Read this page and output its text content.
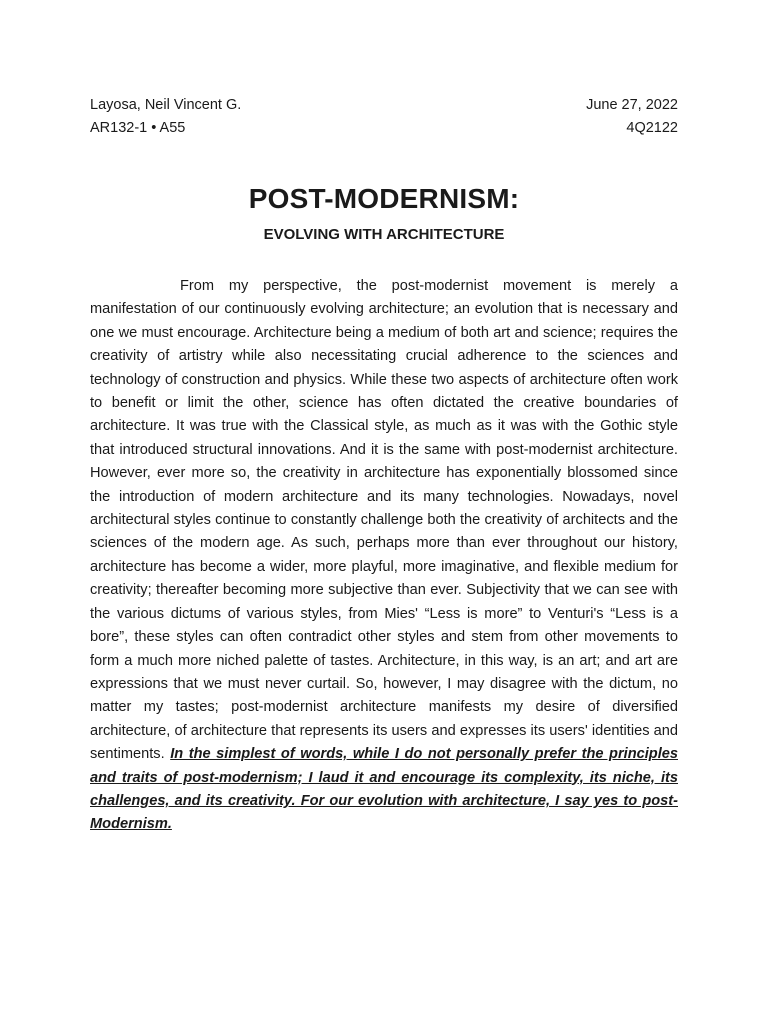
Layosa, Neil Vincent G.
AR132-1 • A55
June 27, 2022
4Q2122
POST-MODERNISM:
EVOLVING WITH ARCHITECTURE

From my perspective, the post-modernist movement is merely a manifestation of our continuously evolving architecture; an evolution that is necessary and one we must encourage. Architecture being a medium of both art and science; requires the creativity of artistry while also necessitating crucial adherence to the sciences and technology of construction and physics. While these two aspects of architecture often work to benefit or limit the other, science has often dictated the creative boundaries of architecture. It was true with the Classical style, as much as it was with the Gothic style that introduced structural innovations. And it is the same with post-modernist architecture. However, ever more so, the creativity in architecture has exponentially blossomed since the introduction of modern architecture and its many technologies. Nowadays, novel architectural styles continue to constantly challenge both the creativity of architects and the sciences of the modern age. As such, perhaps more than ever throughout our history, architecture has become a wider, more playful, more imaginative, and flexible medium for creativity; thereafter becoming more subjective than ever. Subjectivity that we can see with the various dictums of various styles, from Mies' “Less is more” to Venturi's “Less is a bore”, these styles can often contradict other styles and stem from other movements to form a much more niched palette of tastes. Architecture, in this way, is an art; and art are expressions that we must never curtail. So, however, I may disagree with the dictum, no matter my tastes; post-modernist architecture manifests my desire of diversified architecture, of architecture that represents its users and expresses its users' identities and sentiments. In the simplest of words, while I do not personally prefer the principles and traits of post-modernism; I laud it and encourage its complexity, its niche, its challenges, and its creativity. For our evolution with architecture, I say yes to post-Modernism.
